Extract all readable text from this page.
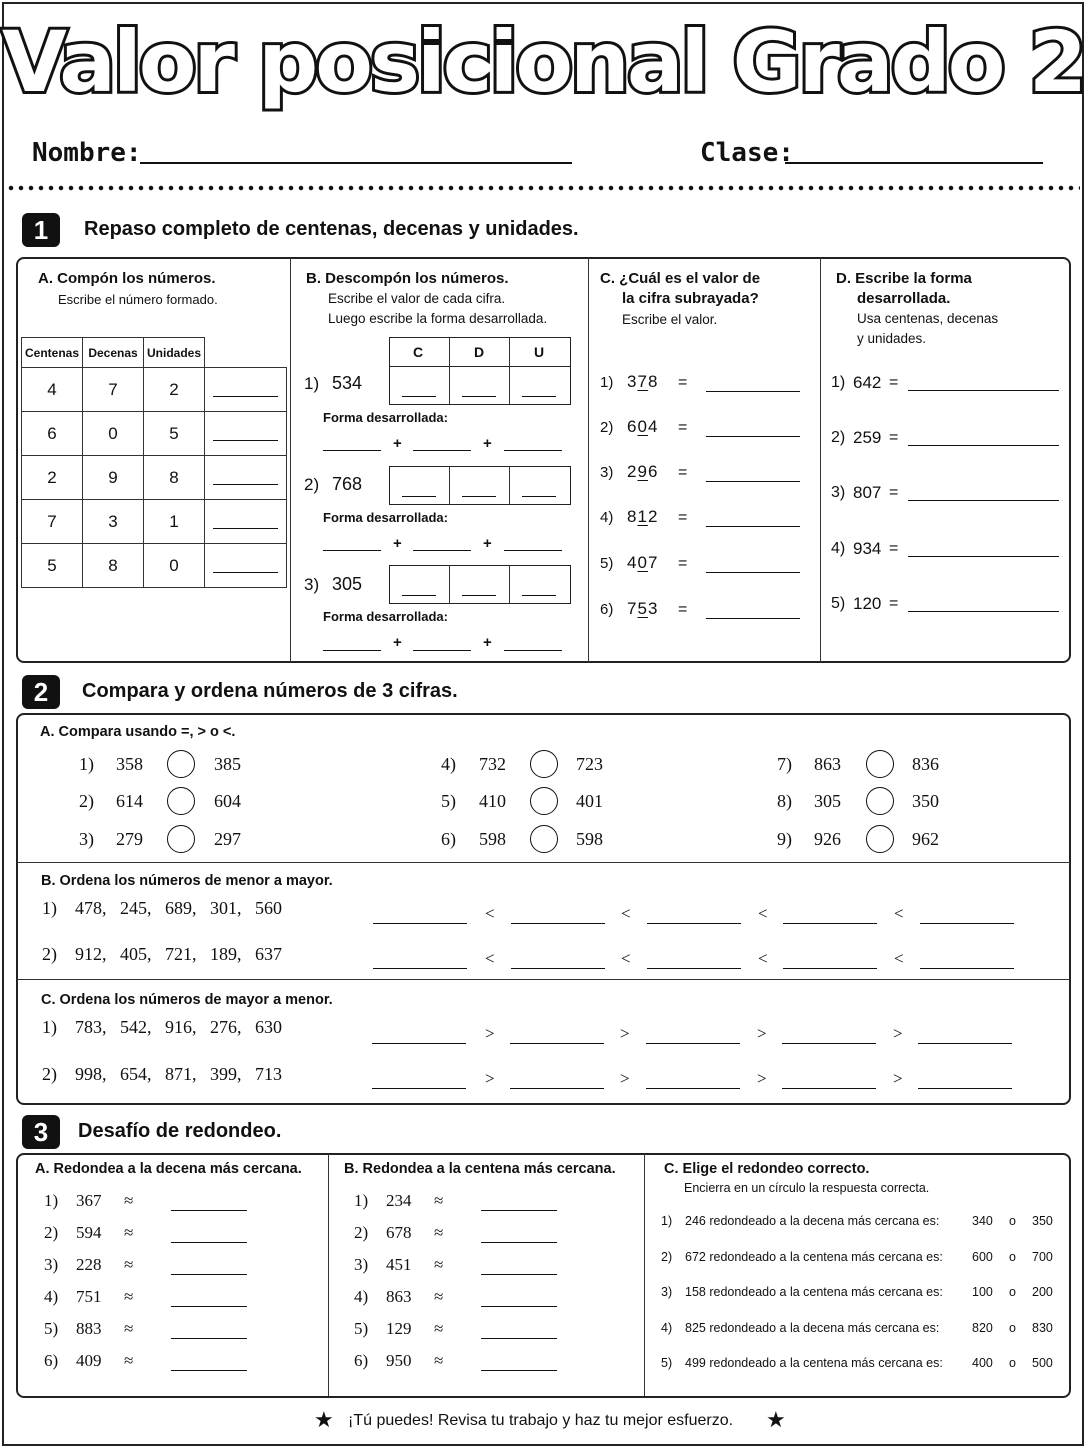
Valor posicional Grado 2
Nombre:	Clase:
1	Repaso completo de centenas, decenas y unidades.
A. Compón los números.
Escribe el número formado.
Centenas	Decenas	Unidades	
4	7	2	

6	0	5	

2	9	8	

7	3	1	

5	8	0	
B. Descompón los números.
Escribe el valor de cada cifra.
Luego escribe la forma desarrollada.
C	D	U
1) 534
Forma desarrollada:
+	+
2) 768
Forma desarrollada:
+	+
3) 305
Forma desarrollada:
+	+
C. ¿Cuál es el valor de
la cifra subrayada?
Escribe el valor.
1) 378 =
2) 604 =
3) 296 =
4) 812 =
5) 407 =
6) 753 =
D. Escribe la forma
desarrollada.
Usa centenas, decenas
y unidades.
1) 642 =
2) 259 =
3) 807 =
4) 934 =
5) 120 =
2	Compara y ordena números de 3 cifras.
A. Compara usando =, > o <.
1) 358	385
2) 614	604
3) 279	297
4) 732	723
5) 410	401
6) 598	598
7) 863	836
8) 305	350
9) 926	962
B. Ordena los números de menor a mayor.
1) 478,   245,   689,   301,   560	<	<	<	<
2) 912,   405,   721,   189,   637	<	<	<	<
C. Ordena los números de mayor a menor.
1) 783,   542,   916,   276,   630	>	>	>	>
2) 998,   654,   871,   399,   713	>	>	>	>
3	Desafío de redondeo.
A. Redondea a la decena más cercana.
1) 367 ≈
2) 594 ≈
3) 228 ≈
4) 751 ≈
5) 883 ≈
6) 409 ≈
B. Redondea a la centena más cercana.
1) 234 ≈
2) 678 ≈
3) 451 ≈
4) 863 ≈
5) 129 ≈
6) 950 ≈
C. Elige el redondeo correcto.
Encierra en un círculo la respuesta correcta.
1) 246 redondeado a la decena más cercana es:	340 o 350
2) 672 redondeado a la centena más cercana es: 600 o 700
3) 158 redondeado a la centena más cercana es: 100 o 200
4) 825 redondeado a la decena más cercana es:	820 o 830
5) 499 redondeado a la centena más cercana es: 400 o 500
★ ¡Tú puedes! Revisa tu trabajo y haz tu mejor esfuerzo. ★
